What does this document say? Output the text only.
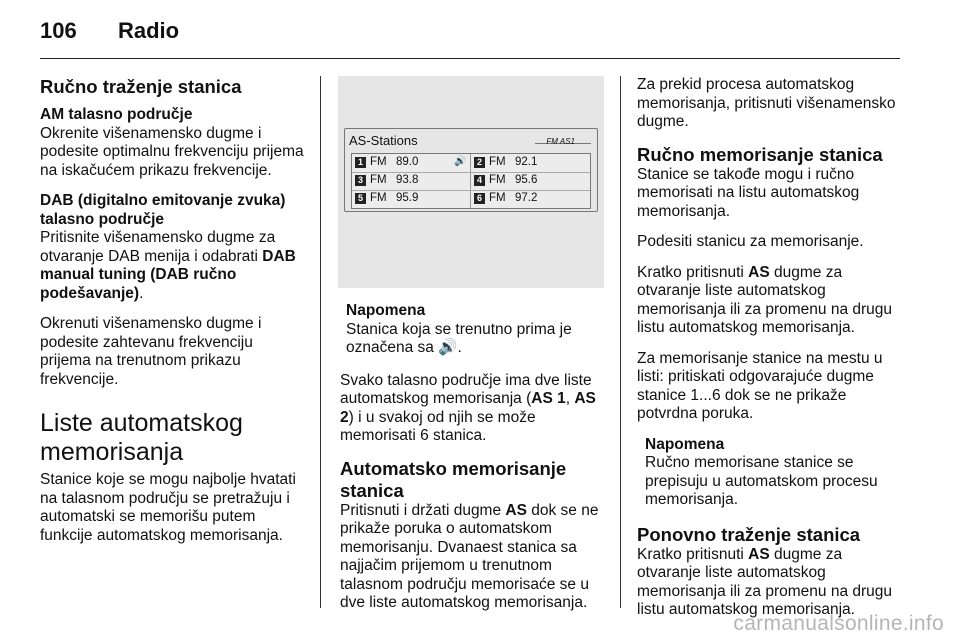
106 Radio
Ručno traženje stanica
AM talasno područje

Okrenite višenamensko dugme i podesite optimalnu frekvenciju prijema na iskačućem prikazu frekvencije.

DAB (digitalno emitovanje zvuka) talasno područje

Pritisnite višenamensko dugme za otvaranje DAB menija i odabrati DAB manual tuning (DAB ručno podešavanje).

Okrenuti višenamensko dugme i podesite zahtevanu frekvenciju prijema na trenutnom prikazu frekvencije.

Liste automatskog memorisanja

Stanice koje se mogu najbolje hvatati na talasnom području se pretražuju i automatski se memorišu putem funkcije automatskog memorisanja.

AS-Stations	FM AS1
1 FM 89.0	🔊	2 FM 92.1
3 FM 93.8	4 FM 95.6
5 FM 95.9	6 FM 97.2
Napomena
Stanica koja se trenutno prima je označena sa 🔊.

Svako talasno područje ima dve liste automatskog memorisanja (AS 1, AS 2) i u svakoj od njih se može memorisati 6 stanica.

Automatsko memorisanje stanica

Pritisnuti i držati dugme AS dok se ne prikaže poruka o automatskom memorisanju. Dvanaest stanica sa najjačim prijemom u trenutnom talasnom području memorisaće se u dve liste automatskog memorisanja.

Za prekid procesa automatskog memorisanja, pritisnuti višenamensko dugme.

Ručno memorisanje stanica

Stanice se takođe mogu i ručno memorisati na listu automatskog memorisanja.

Podesiti stanicu za memorisanje.

Kratko pritisnuti AS dugme za otvaranje liste automatskog memorisanja ili za promenu na drugu listu automatskog memorisanja.

Za memorisanje stanice na mestu u listi: pritiskati odgovarajuće dugme stanice 1...6 dok se ne prikaže potvrdna poruka.

Napomena
Ručno memorisane stanice se prepisuju u automatskom procesu memorisanja.
Ponovno traženje stanica

Kratko pritisnuti AS dugme za otvaranje liste automatskog memorisanja ili za promenu na drugu listu automatskog memorisanja.

carmanualsonline.info
